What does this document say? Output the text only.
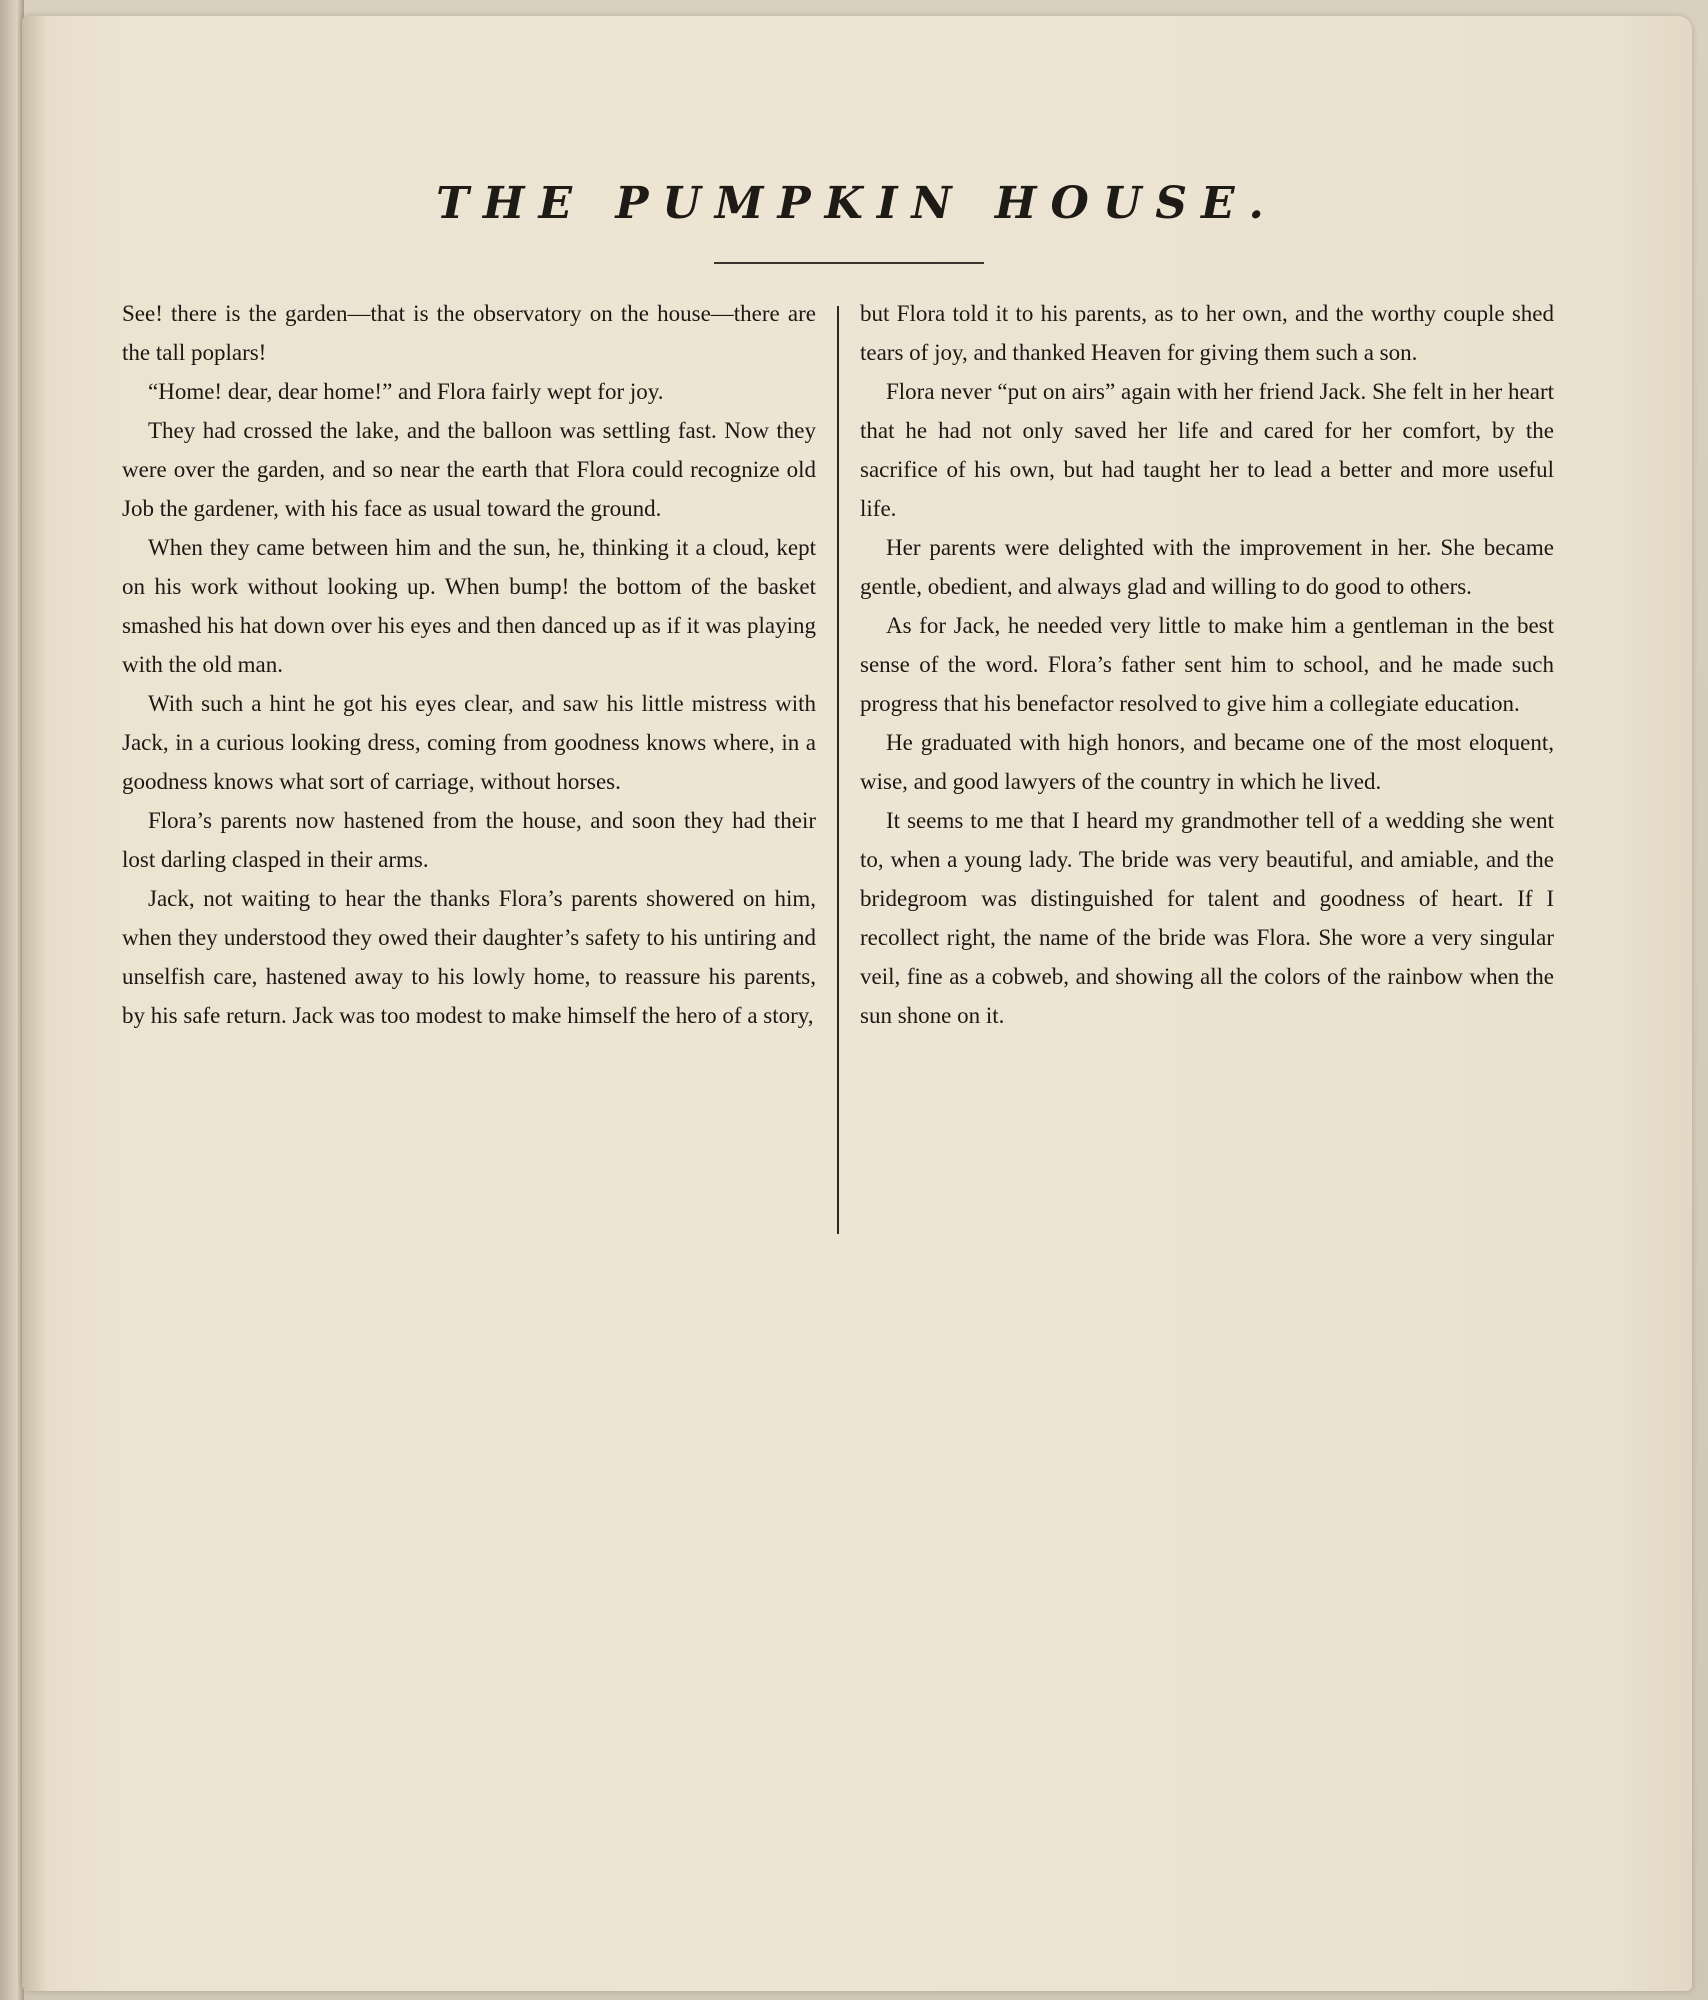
THE PUMPKIN HOUSE.

See! there is the garden—that is the observatory on the house—there are the tall poplars!

“Home! dear, dear home!” and Flora fairly wept for joy.

They had crossed the lake, and the balloon was settling fast. Now they were over the garden, and so near the earth that Flora could recognize old Job the gardener, with his face as usual toward the ground.

When they came between him and the sun, he, thinking it a cloud, kept on his work without looking up. When bump! the bottom of the basket smashed his hat down over his eyes and then danced up as if it was playing with the old man.

With such a hint he got his eyes clear, and saw his little mistress with Jack, in a curious looking dress, coming from goodness knows where, in a goodness knows what sort of carriage, without horses.

Flora’s parents now hastened from the house, and soon they had their lost darling clasped in their arms.

Jack, not waiting to hear the thanks Flora’s parents showered on him, when they understood they owed their daughter’s safety to his untiring and unselfish care, hastened away to his lowly home, to reassure his parents, by his safe return. Jack was too modest to make himself the hero of a story,

but Flora told it to his parents, as to her own, and the worthy couple shed tears of joy, and thanked Heaven for giving them such a son.

Flora never “put on airs” again with her friend Jack. She felt in her heart that he had not only saved her life and cared for her comfort, by the sacrifice of his own, but had taught her to lead a better and more useful life.

Her parents were delighted with the improvement in her. She became gentle, obedient, and always glad and willing to do good to others.

As for Jack, he needed very little to make him a gentleman in the best sense of the word. Flora’s father sent him to school, and he made such progress that his benefactor resolved to give him a collegiate education.

He graduated with high honors, and became one of the most eloquent, wise, and good lawyers of the country in which he lived.

It seems to me that I heard my grandmother tell of a wedding she went to, when a young lady. The bride was very beautiful, and amiable, and the bridegroom was distinguished for talent and goodness of heart. If I recollect right, the name of the bride was Flora. She wore a very singular veil, fine as a cobweb, and showing all the colors of the rainbow when the sun shone on it.
